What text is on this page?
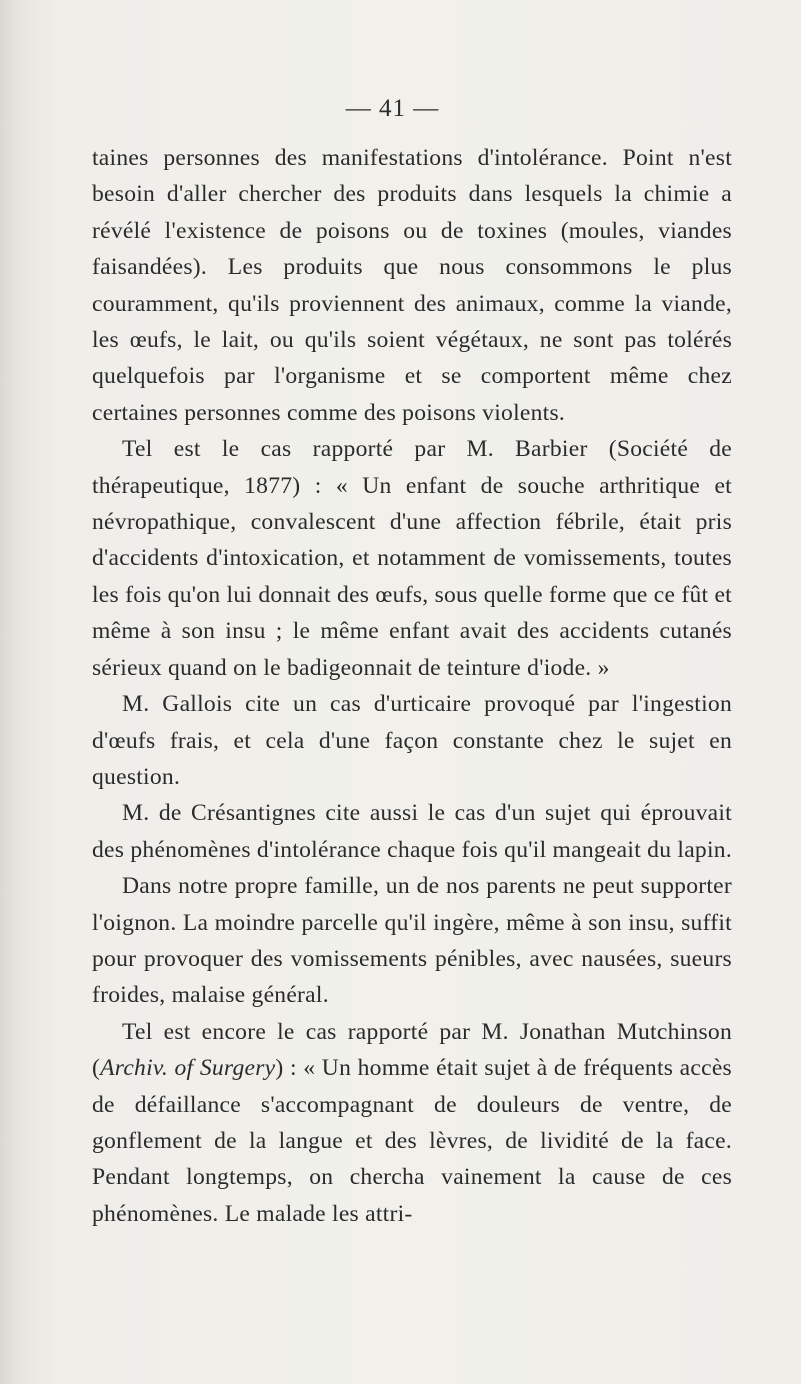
— 41 —

taines personnes des manifestations d'intolérance. Point n'est besoin d'aller chercher des produits dans lesquels la chimie a révélé l'existence de poisons ou de toxines (moules, viandes faisandées). Les produits que nous consommons le plus couramment, qu'ils proviennent des animaux, comme la viande, les œufs, le lait, ou qu'ils soient végétaux, ne sont pas tolérés quelquefois par l'organisme et se comportent même chez certaines personnes comme des poisons violents.

Tel est le cas rapporté par M. Barbier (Société de thérapeutique, 1877) : « Un enfant de souche arthritique et névropathique, convalescent d'une affection fébrile, était pris d'accidents d'intoxication, et notamment de vomissements, toutes les fois qu'on lui donnait des œufs, sous quelle forme que ce fût et même à son insu ; le même enfant avait des accidents cutanés sérieux quand on le badigeonnait de teinture d'iode. »

M. Gallois cite un cas d'urticaire provoqué par l'ingestion d'œufs frais, et cela d'une façon constante chez le sujet en question.

M. de Crésantignes cite aussi le cas d'un sujet qui éprouvait des phénomènes d'intolérance chaque fois qu'il mangeait du lapin.

Dans notre propre famille, un de nos parents ne peut supporter l'oignon. La moindre parcelle qu'il ingère, même à son insu, suffit pour provoquer des vomissements pénibles, avec nausées, sueurs froides, malaise général.

Tel est encore le cas rapporté par M. Jonathan Mutchinson (Archiv. of Surgery) : « Un homme était sujet à de fréquents accès de défaillance s'accompagnant de douleurs de ventre, de gonflement de la langue et des lèvres, de lividité de la face. Pendant longtemps, on chercha vainement la cause de ces phénomènes. Le malade les attri-
